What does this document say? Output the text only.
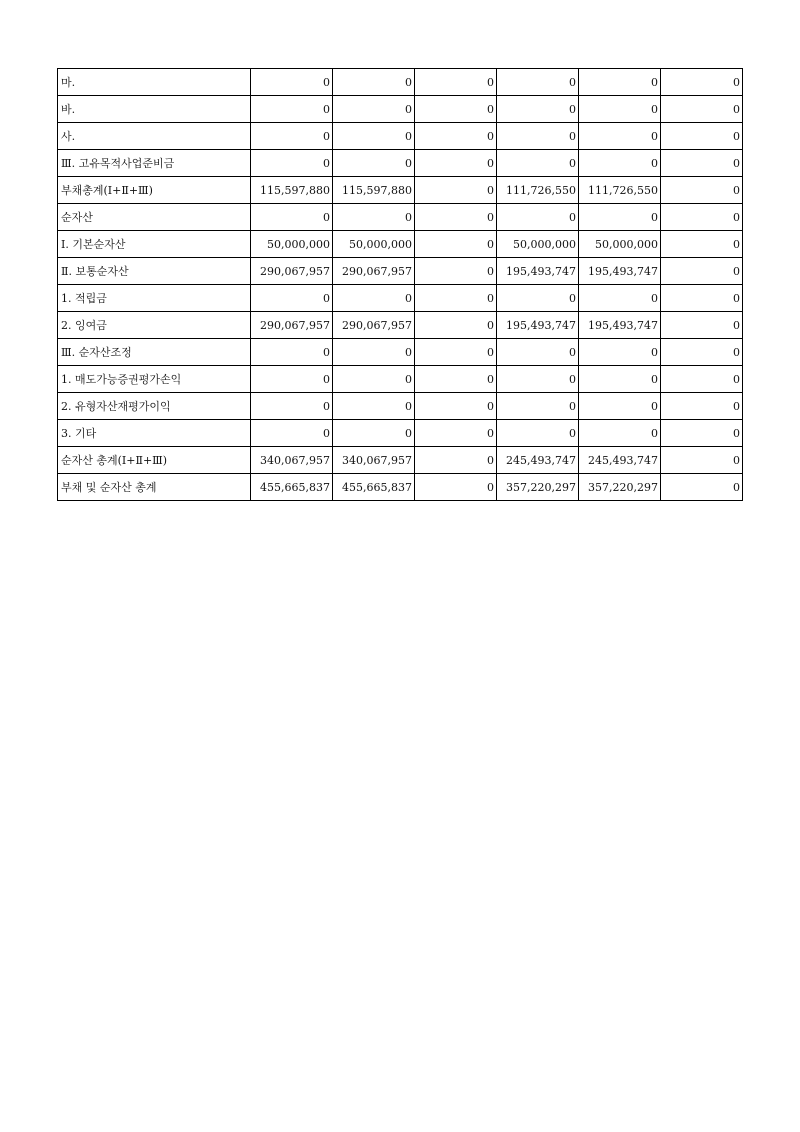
마.	0	0	0	0	0	0
바.	0	0	0	0	0	0
사.	0	0	0	0	0	0
Ⅲ. 고유목적사업준비금	0	0	0	0	0	0
부채총계(Ⅰ+Ⅱ+Ⅲ)	115,597,880	115,597,880	0	111,726,550	111,726,550	0
순자산	0	0	0	0	0	0
Ⅰ. 기본순자산	50,000,000	50,000,000	0	50,000,000	50,000,000	0
Ⅱ. 보통순자산	290,067,957	290,067,957	0	195,493,747	195,493,747	0
1. 적립금	0	0	0	0	0	0
2. 잉여금	290,067,957	290,067,957	0	195,493,747	195,493,747	0
Ⅲ. 순자산조정	0	0	0	0	0	0
1. 매도가능증권평가손익	0	0	0	0	0	0
2. 유형자산재평가이익	0	0	0	0	0	0
3. 기타	0	0	0	0	0	0
순자산 총계(Ⅰ+Ⅱ+Ⅲ)	340,067,957	340,067,957	0	245,493,747	245,493,747	0
부채 및 순자산 총계	455,665,837	455,665,837	0	357,220,297	357,220,297	0
